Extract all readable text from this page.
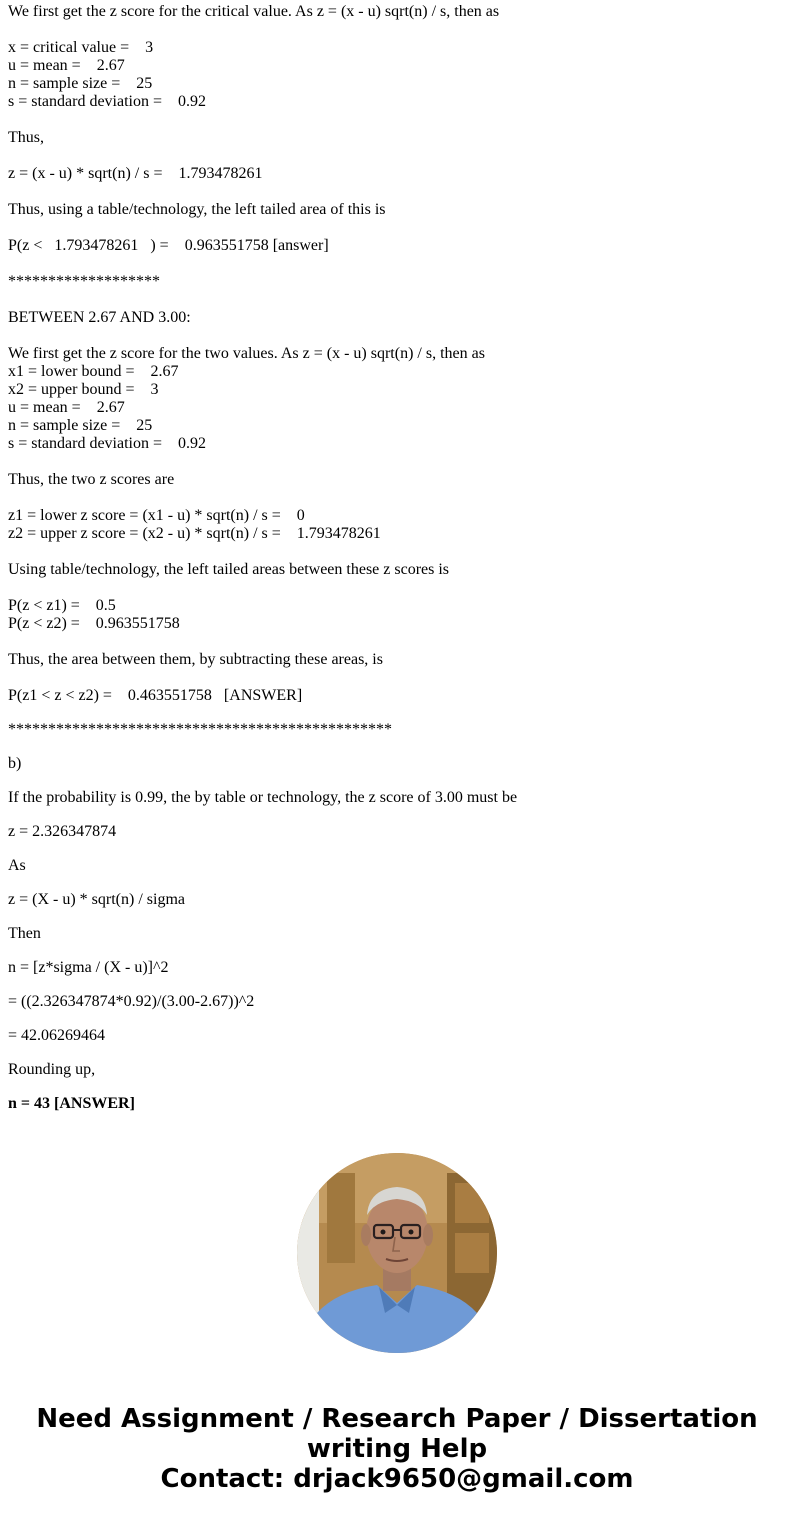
We first get the z score for the critical value. As z = (x - u) sqrt(n) / s, then as

x = critical value =    3

u = mean =    2.67

n = sample size =    25

s = standard deviation =    0.92

Thus,

z = (x - u) * sqrt(n) / s =    1.793478261

Thus, using a table/technology, the left tailed area of this is

P(z <   1.793478261   ) =    0.963551758 [answer]

*******************

BETWEEN 2.67 AND 3.00:

We first get the z score for the two values. As z = (x - u) sqrt(n) / s, then as

x1 = lower bound =    2.67

x2 = upper bound =    3

u = mean =    2.67

n = sample size =    25

s = standard deviation =    0.92

Thus, the two z scores are

z1 = lower z score = (x1 - u) * sqrt(n) / s =    0

z2 = upper z score = (x2 - u) * sqrt(n) / s =    1.793478261

Using table/technology, the left tailed areas between these z scores is

P(z < z1) =    0.5

P(z < z2) =    0.963551758

Thus, the area between them, by subtracting these areas, is

P(z1 < z < z2) =    0.463551758   [ANSWER]

************************************************

b)

If the probability is 0.99, the by table or technology, the z score of 3.00 must be

z = 2.326347874

As

z = (X - u) * sqrt(n) / sigma

Then

n = [z*sigma / (X - u)]^2

= ((2.326347874*0.92)/(3.00-2.67))^2

= 42.06269464

Rounding up,

n = 43 [ANSWER]

Need Assignment / Research Paper / Dissertation
writing Help
Contact: drjack9650@gmail.com
